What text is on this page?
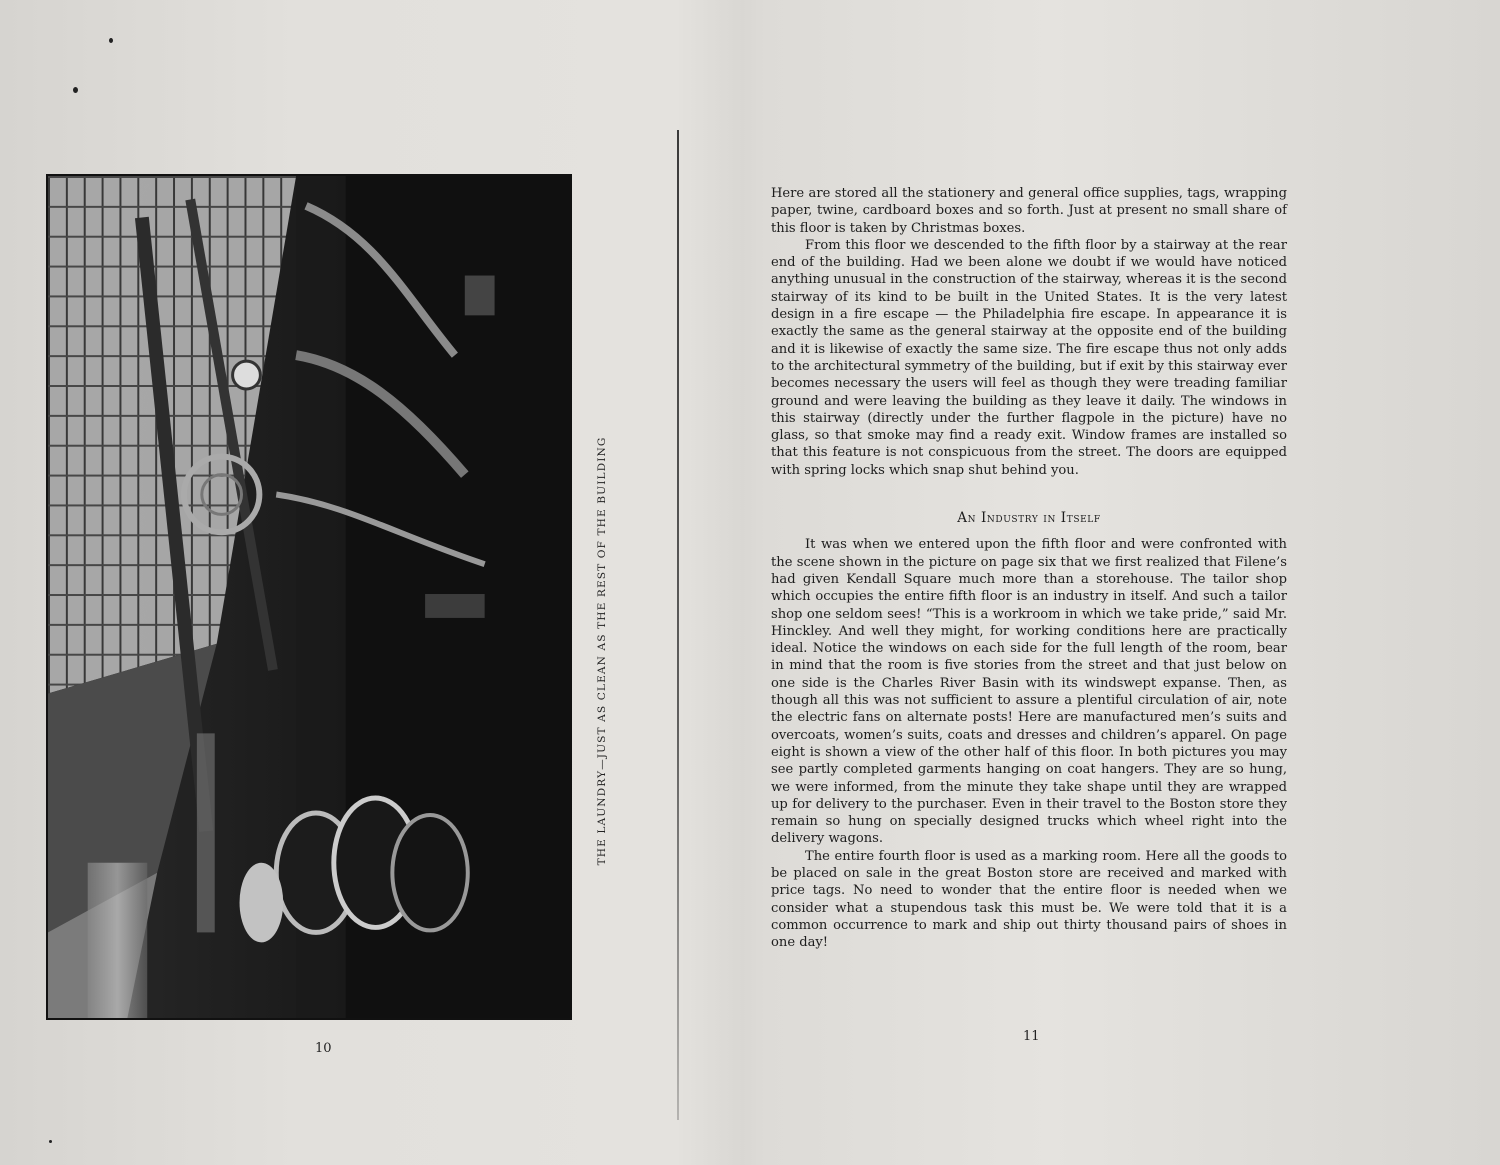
THE LAUNDRY—JUST AS CLEAN AS THE REST OF THE BUILDING
10

Here are stored all the stationery and general office supplies, tags, wrapping paper, twine, cardboard boxes and so forth. Just at present no small share of this floor is taken by Christmas boxes.

From this floor we descended to the fifth floor by a stairway at the rear end of the building. Had we been alone we doubt if we would have noticed anything unusual in the construction of the stairway, whereas it is the second stairway of its kind to be built in the United States. It is the very latest design in a fire escape — the Philadelphia fire escape. In appearance it is exactly the same as the general stairway at the opposite end of the building and it is likewise of exactly the same size. The fire escape thus not only adds to the architectural symmetry of the building, but if exit by this stairway ever becomes necessary the users will feel as though they were treading familiar ground and were leaving the building as they leave it daily. The windows in this stairway (directly under the further flagpole in the picture) have no glass, so that smoke may find a ready exit. Window frames are installed so that this feature is not conspicuous from the street. The doors are equipped with spring locks which snap shut behind you.

An Industry in Itself

It was when we entered upon the fifth floor and were confronted with the scene shown in the picture on page six that we first realized that Filene’s had given Kendall Square much more than a storehouse. The tailor shop which occupies the entire fifth floor is an industry in itself. And such a tailor shop one seldom sees! “This is a workroom in which we take pride,” said Mr. Hinckley. And well they might, for working conditions here are practically ideal. Notice the windows on each side for the full length of the room, bear in mind that the room is five stories from the street and that just below on one side is the Charles River Basin with its windswept expanse. Then, as though all this was not sufficient to assure a plentiful circulation of air, note the electric fans on alternate posts! Here are manufactured men’s suits and overcoats, women’s suits, coats and dresses and children’s apparel. On page eight is shown a view of the other half of this floor. In both pictures you may see partly completed garments hanging on coat hangers. They are so hung, we were informed, from the minute they take shape until they are wrapped up for delivery to the purchaser. Even in their travel to the Boston store they remain so hung on specially designed trucks which wheel right into the delivery wagons.

The entire fourth floor is used as a marking room. Here all the goods to be placed on sale in the great Boston store are received and marked with price tags. No need to wonder that the entire floor is needed when we consider what a stupendous task this must be. We were told that it is a common occurrence to mark and ship out thirty thousand pairs of shoes in one day!

11
